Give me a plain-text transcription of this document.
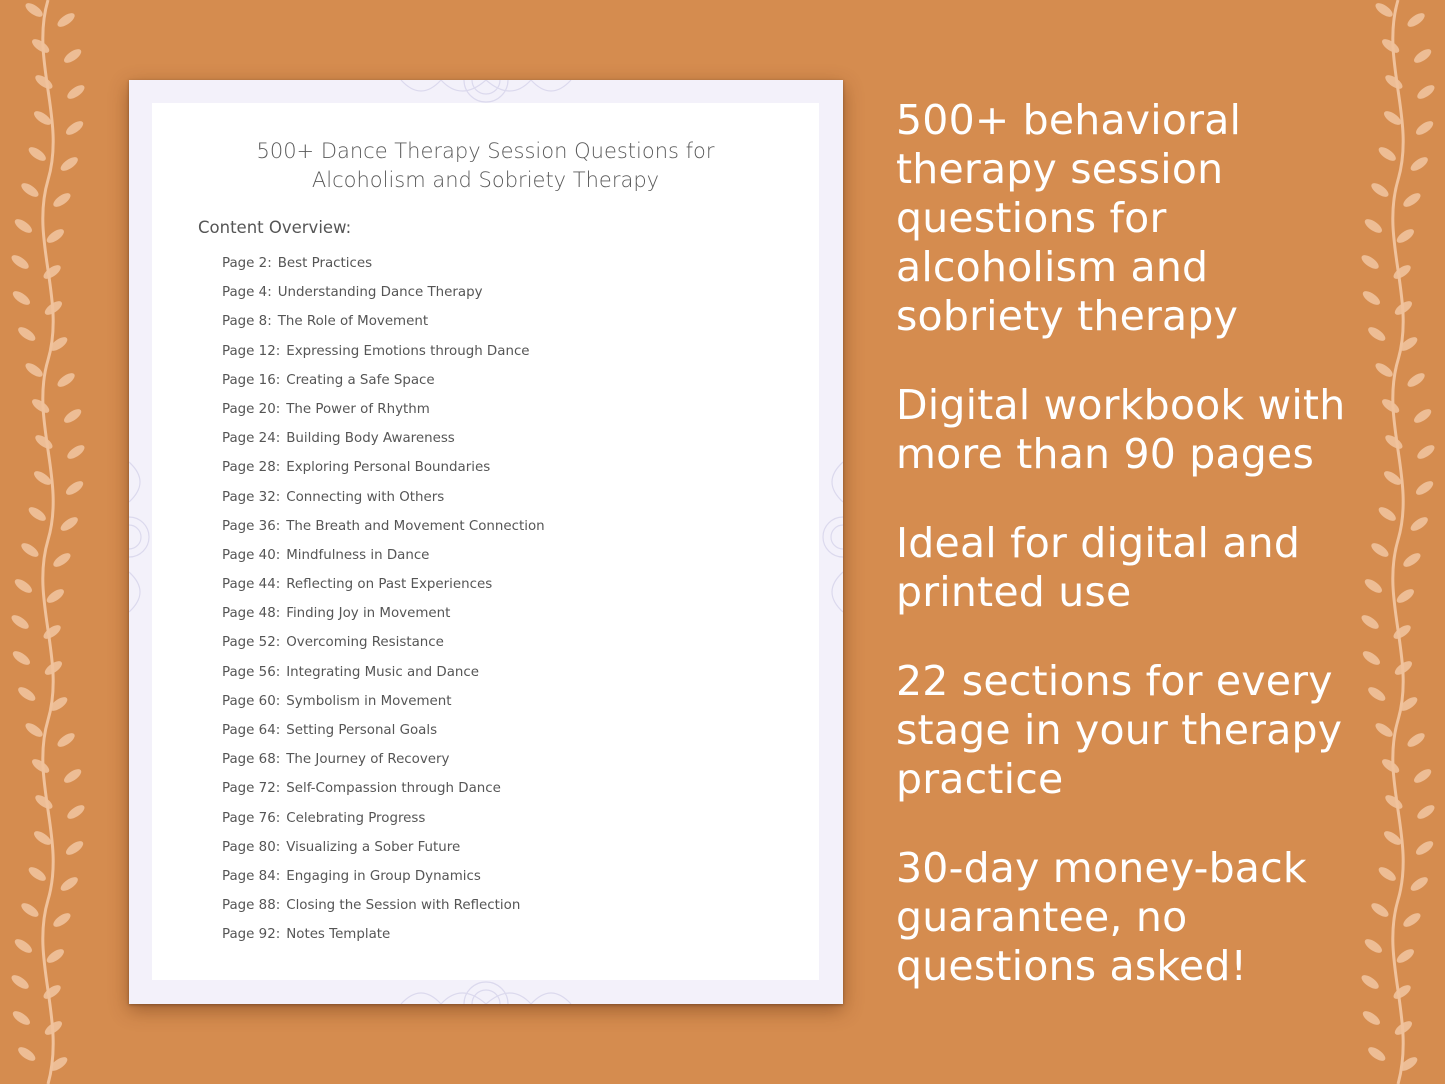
500+ Dance Therapy Session Questions for
Alcoholism and Sobriety Therapy
Content Overview:
Page 2: Best Practices
Page 4: Understanding Dance Therapy
Page 8: The Role of Movement
Page 12: Expressing Emotions through Dance
Page 16: Creating a Safe Space
Page 20: The Power of Rhythm
Page 24: Building Body Awareness
Page 28: Exploring Personal Boundaries
Page 32: Connecting with Others
Page 36: The Breath and Movement Connection
Page 40: Mindfulness in Dance
Page 44: Reflecting on Past Experiences
Page 48: Finding Joy in Movement
Page 52: Overcoming Resistance
Page 56: Integrating Music and Dance
Page 60: Symbolism in Movement
Page 64: Setting Personal Goals
Page 68: The Journey of Recovery
Page 72: Self-Compassion through Dance
Page 76: Celebrating Progress
Page 80: Visualizing a Sober Future
Page 84: Engaging in Group Dynamics
Page 88: Closing the Session with Reflection
Page 92: Notes Template
500+ behavioral
therapy session
questions for
alcoholism and
sobriety therapy
Digital workbook with
more than 90 pages
Ideal for digital and
printed use
22 sections for every
stage in your therapy
practice
30-day money-back
guarantee, no
questions asked!
